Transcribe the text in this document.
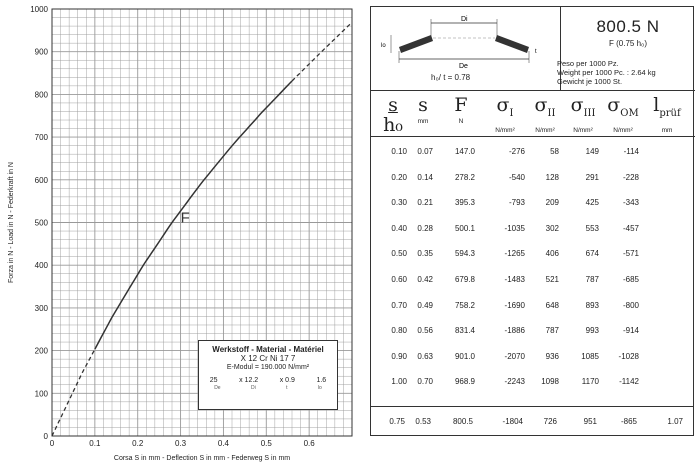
0	0.1	0.2	0.3	0.4	0.5	0.6
0
100
200
300
400
500
600
700
800
900
1000
Corsa S in mm - Deflection S in mm - Federweg S in mm
Forza in N - Load in N - Federkraft in N	F
Werkstoff - Material - Matériel
X 12 Cr Ni 17 7
E-Modul = 190.000 N/mm²
25	x 12.2	x 0.9	1.6
De	Di	t	lo
Di
De
lo
t
h₀/ t = 0.78
800.5 N
F (0.75 h₀)
Peso per 1000 Pz.
Weight per 1000 Pc. : 2.64 kg
Gewicht je 1000 St.
s
h₀
s
mm
F
N
$\sigma_I$
N/mm²
$\sigma_{II}$
N/mm²
$\sigma_{III}$
N/mm²
$\sigma_{OM}$
N/mm²
$l_{prüf}$
mm
0.10 0.07	147.0	-276	58	149	-114
0.20 0.14	278.2	-540	128	291	-228
0.30 0.21	395.3	-793	209	425	-343
0.40 0.28	500.1	-1035	302	553	-457
0.50 0.35	594.3	-1265	406	674	-571
0.60 0.42	679.8	-1483	521	787	-685
0.70 0.49	758.2	-1690	648	893	-800
0.80 0.56	831.4	-1886	787	993	-914
0.90 0.63	901.0	-2070	936	1085 -1028
1.00 0.70	968.9	-2243 1098	1170	-1142
0.75 0.53	800.5	-1804	726	951	-865	1.07
